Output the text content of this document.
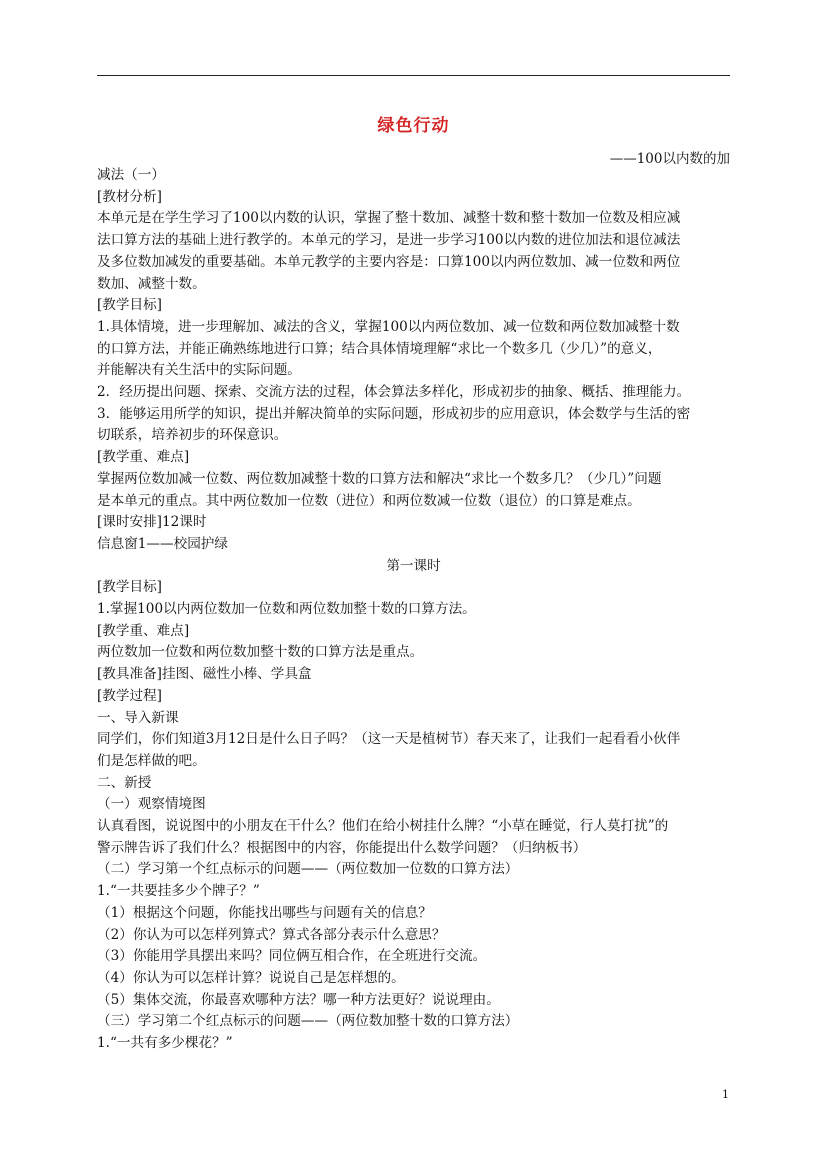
绿色行动
——100以内数的加
减法（一）
[教材分析]
本单元是在学生学习了100以内数的认识，掌握了整十数加、减整十数和整十数加一位数及相应减
法口算方法的基础上进行教学的。本单元的学习，是进一步学习100以内数的进位加法和退位减法
及多位数加减发的重要基础。本单元教学的主要内容是：口算100以内两位数加、减一位数和两位
数加、减整十数。
[教学目标]
1.具体情境，进一步理解加、减法的含义，掌握100以内两位数加、减一位数和两位数加减整十数
的口算方法，并能正确熟练地进行口算；结合具体情境理解“求比一个数多几（少几）”的意义，
并能解决有关生活中的实际问题。
2．经历提出问题、探索、交流方法的过程，体会算法多样化，形成初步的抽象、概括、推理能力。
3．能够运用所学的知识，提出并解决简单的实际问题，形成初步的应用意识，体会数学与生活的密
切联系，培养初步的环保意识。
[教学重、难点]
掌握两位数加减一位数、两位数加减整十数的口算方法和解决“求比一个数多几？（少几）”问题
是本单元的重点。其中两位数加一位数（进位）和两位数减一位数（退位）的口算是难点。
[课时安排]12课时
信息窗1——校园护绿
第一课时
[教学目标]
1.掌握100以内两位数加一位数和两位数加整十数的口算方法。
[教学重、难点]
两位数加一位数和两位数加整十数的口算方法是重点。
[教具准备]挂图、磁性小棒、学具盒
[教学过程]
一、导入新课
同学们，你们知道3月12日是什么日子吗？（这一天是植树节）春天来了，让我们一起看看小伙伴
们是怎样做的吧。
二、新授
（一）观察情境图
认真看图，说说图中的小朋友在干什么？他们在给小树挂什么牌？“小草在睡觉，行人莫打扰”的
警示牌告诉了我们什么？根据图中的内容，你能提出什么数学问题？（归纳板书）
（二）学习第一个红点标示的问题——（两位数加一位数的口算方法）
1.“一共要挂多少个牌子？”
（1）根据这个问题，你能找出哪些与问题有关的信息？
（2）你认为可以怎样列算式？算式各部分表示什么意思？
（3）你能用学具摆出来吗？同位俩互相合作，在全班进行交流。
（4）你认为可以怎样计算？说说自己是怎样想的。
（5）集体交流，你最喜欢哪种方法？哪一种方法更好？说说理由。
（三）学习第二个红点标示的问题——（两位数加整十数的口算方法）
1.“一共有多少棵花？”
1
